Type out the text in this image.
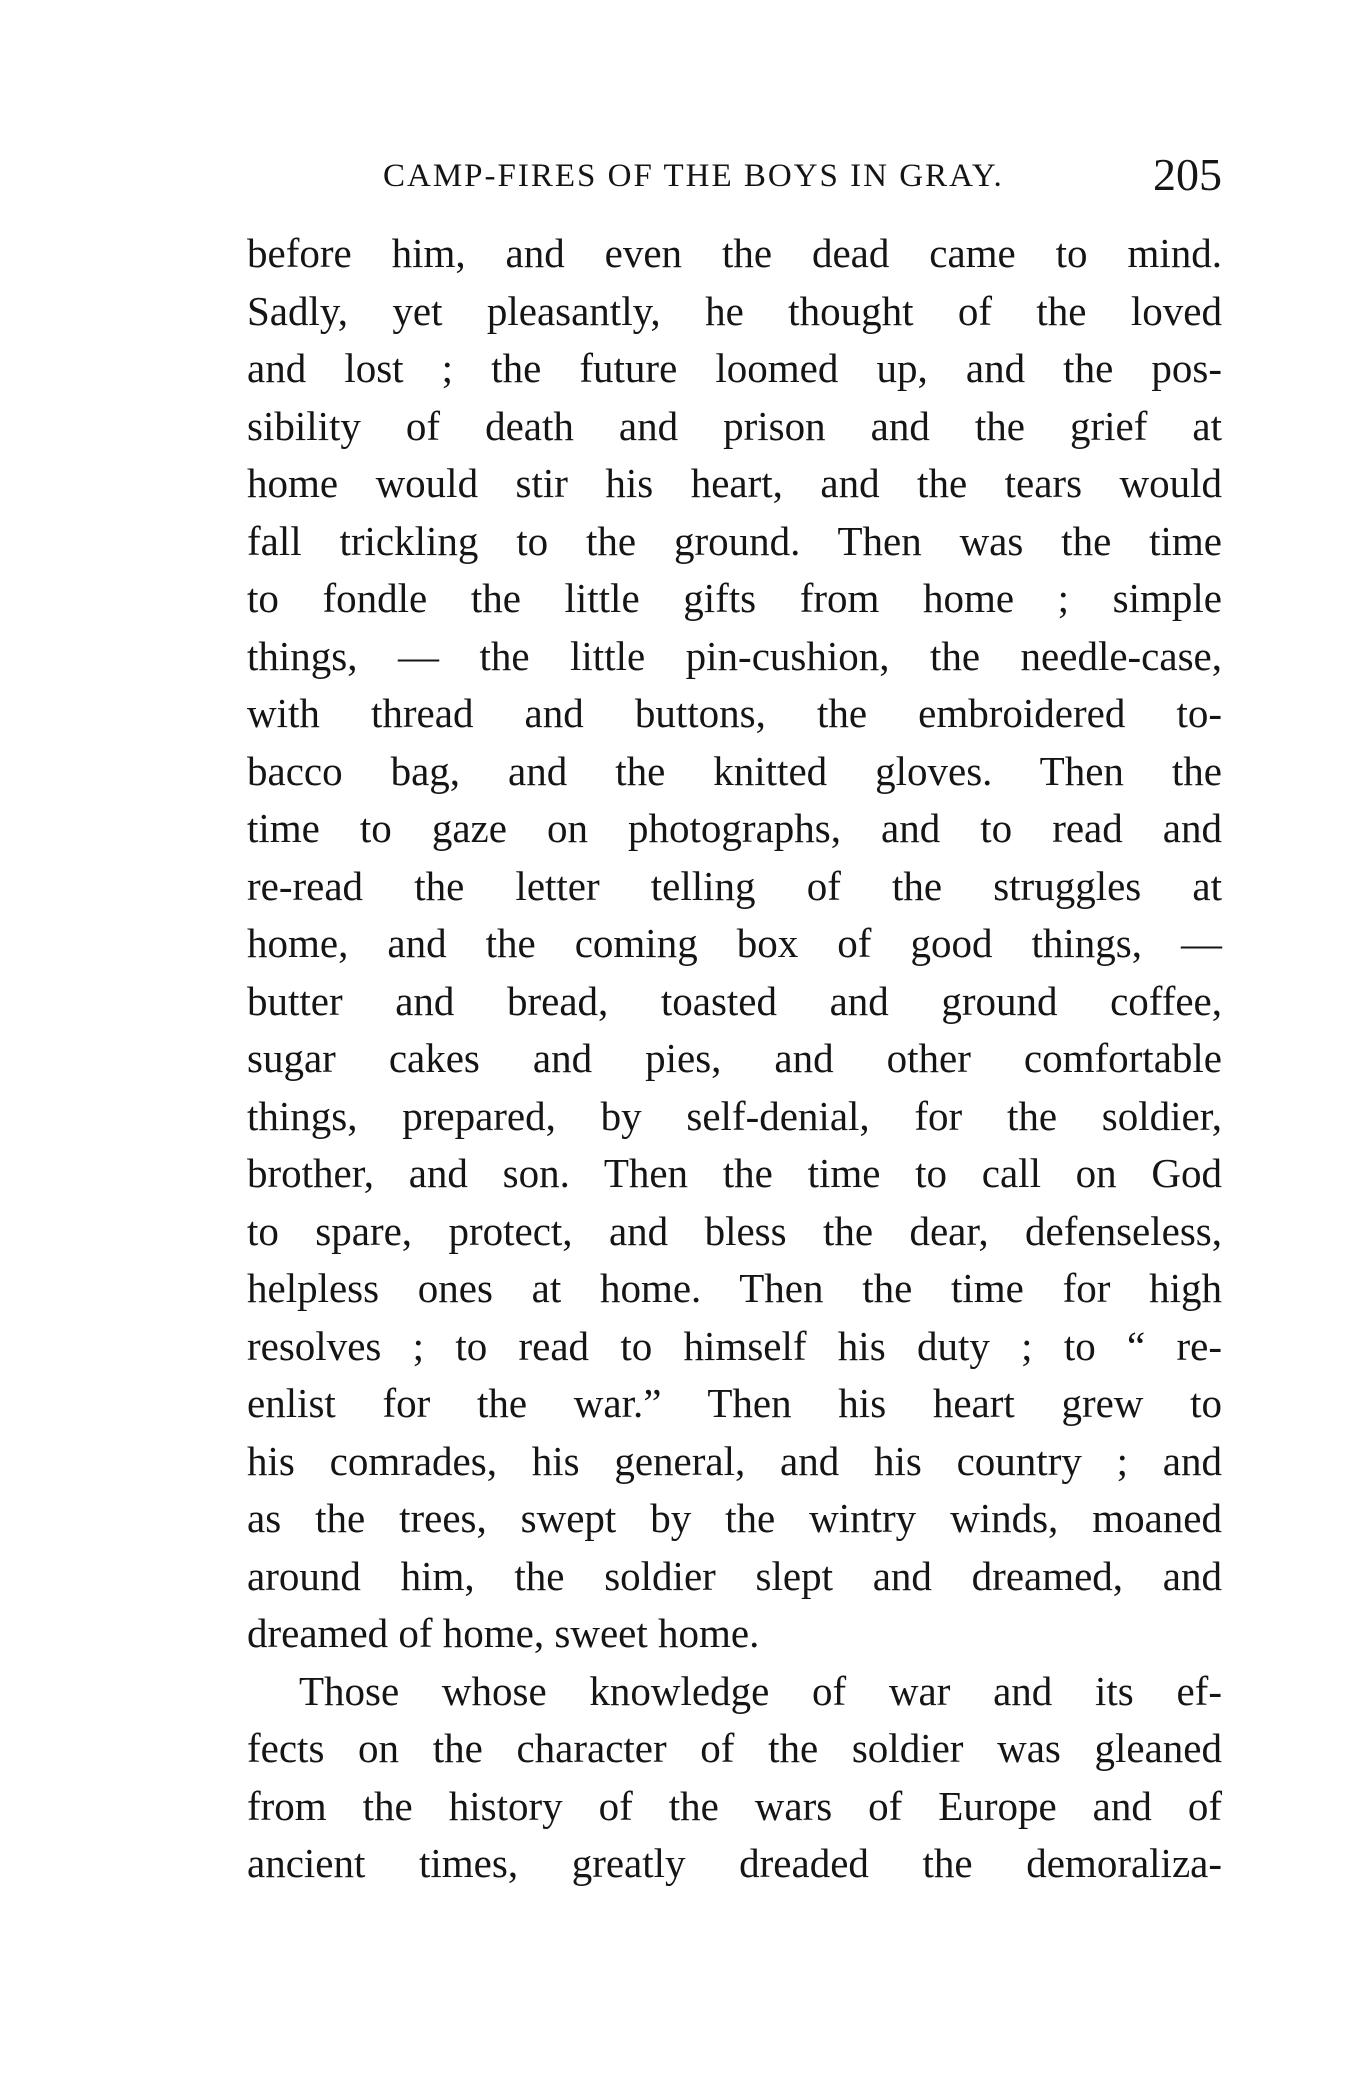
CAMP-FIRES OF THE BOYS IN GRAY.	205
before him, and even the dead came to mind.
Sadly, yet pleasantly, he thought of the loved
and lost ; the future loomed up, and the pos-
sibility of death and prison and the grief at
home would stir his heart, and the tears would
fall trickling to the ground. Then was the time
to fondle the little gifts from home ; simple
things, — the little pin-cushion, the needle-case,
with thread and buttons, the embroidered to-
bacco bag, and the knitted gloves. Then the
time to gaze on photographs, and to read and
re-read the letter telling of the struggles at
home, and the coming box of good things, —
butter and bread, toasted and ground coffee,
sugar cakes and pies, and other comfortable
things, prepared, by self-denial, for the soldier,
brother, and son. Then the time to call on God
to spare, protect, and bless the dear, defenseless,
helpless ones at home. Then the time for high
resolves ; to read to himself his duty ; to “ re-
enlist for the war.” Then his heart grew to
his comrades, his general, and his country ; and
as the trees, swept by the wintry winds, moaned
around him, the soldier slept and dreamed, and
dreamed of home, sweet home.
Those whose knowledge of war and its ef-
fects on the character of the soldier was gleaned
from the history of the wars of Europe and of
ancient times, greatly dreaded the demoraliza-
